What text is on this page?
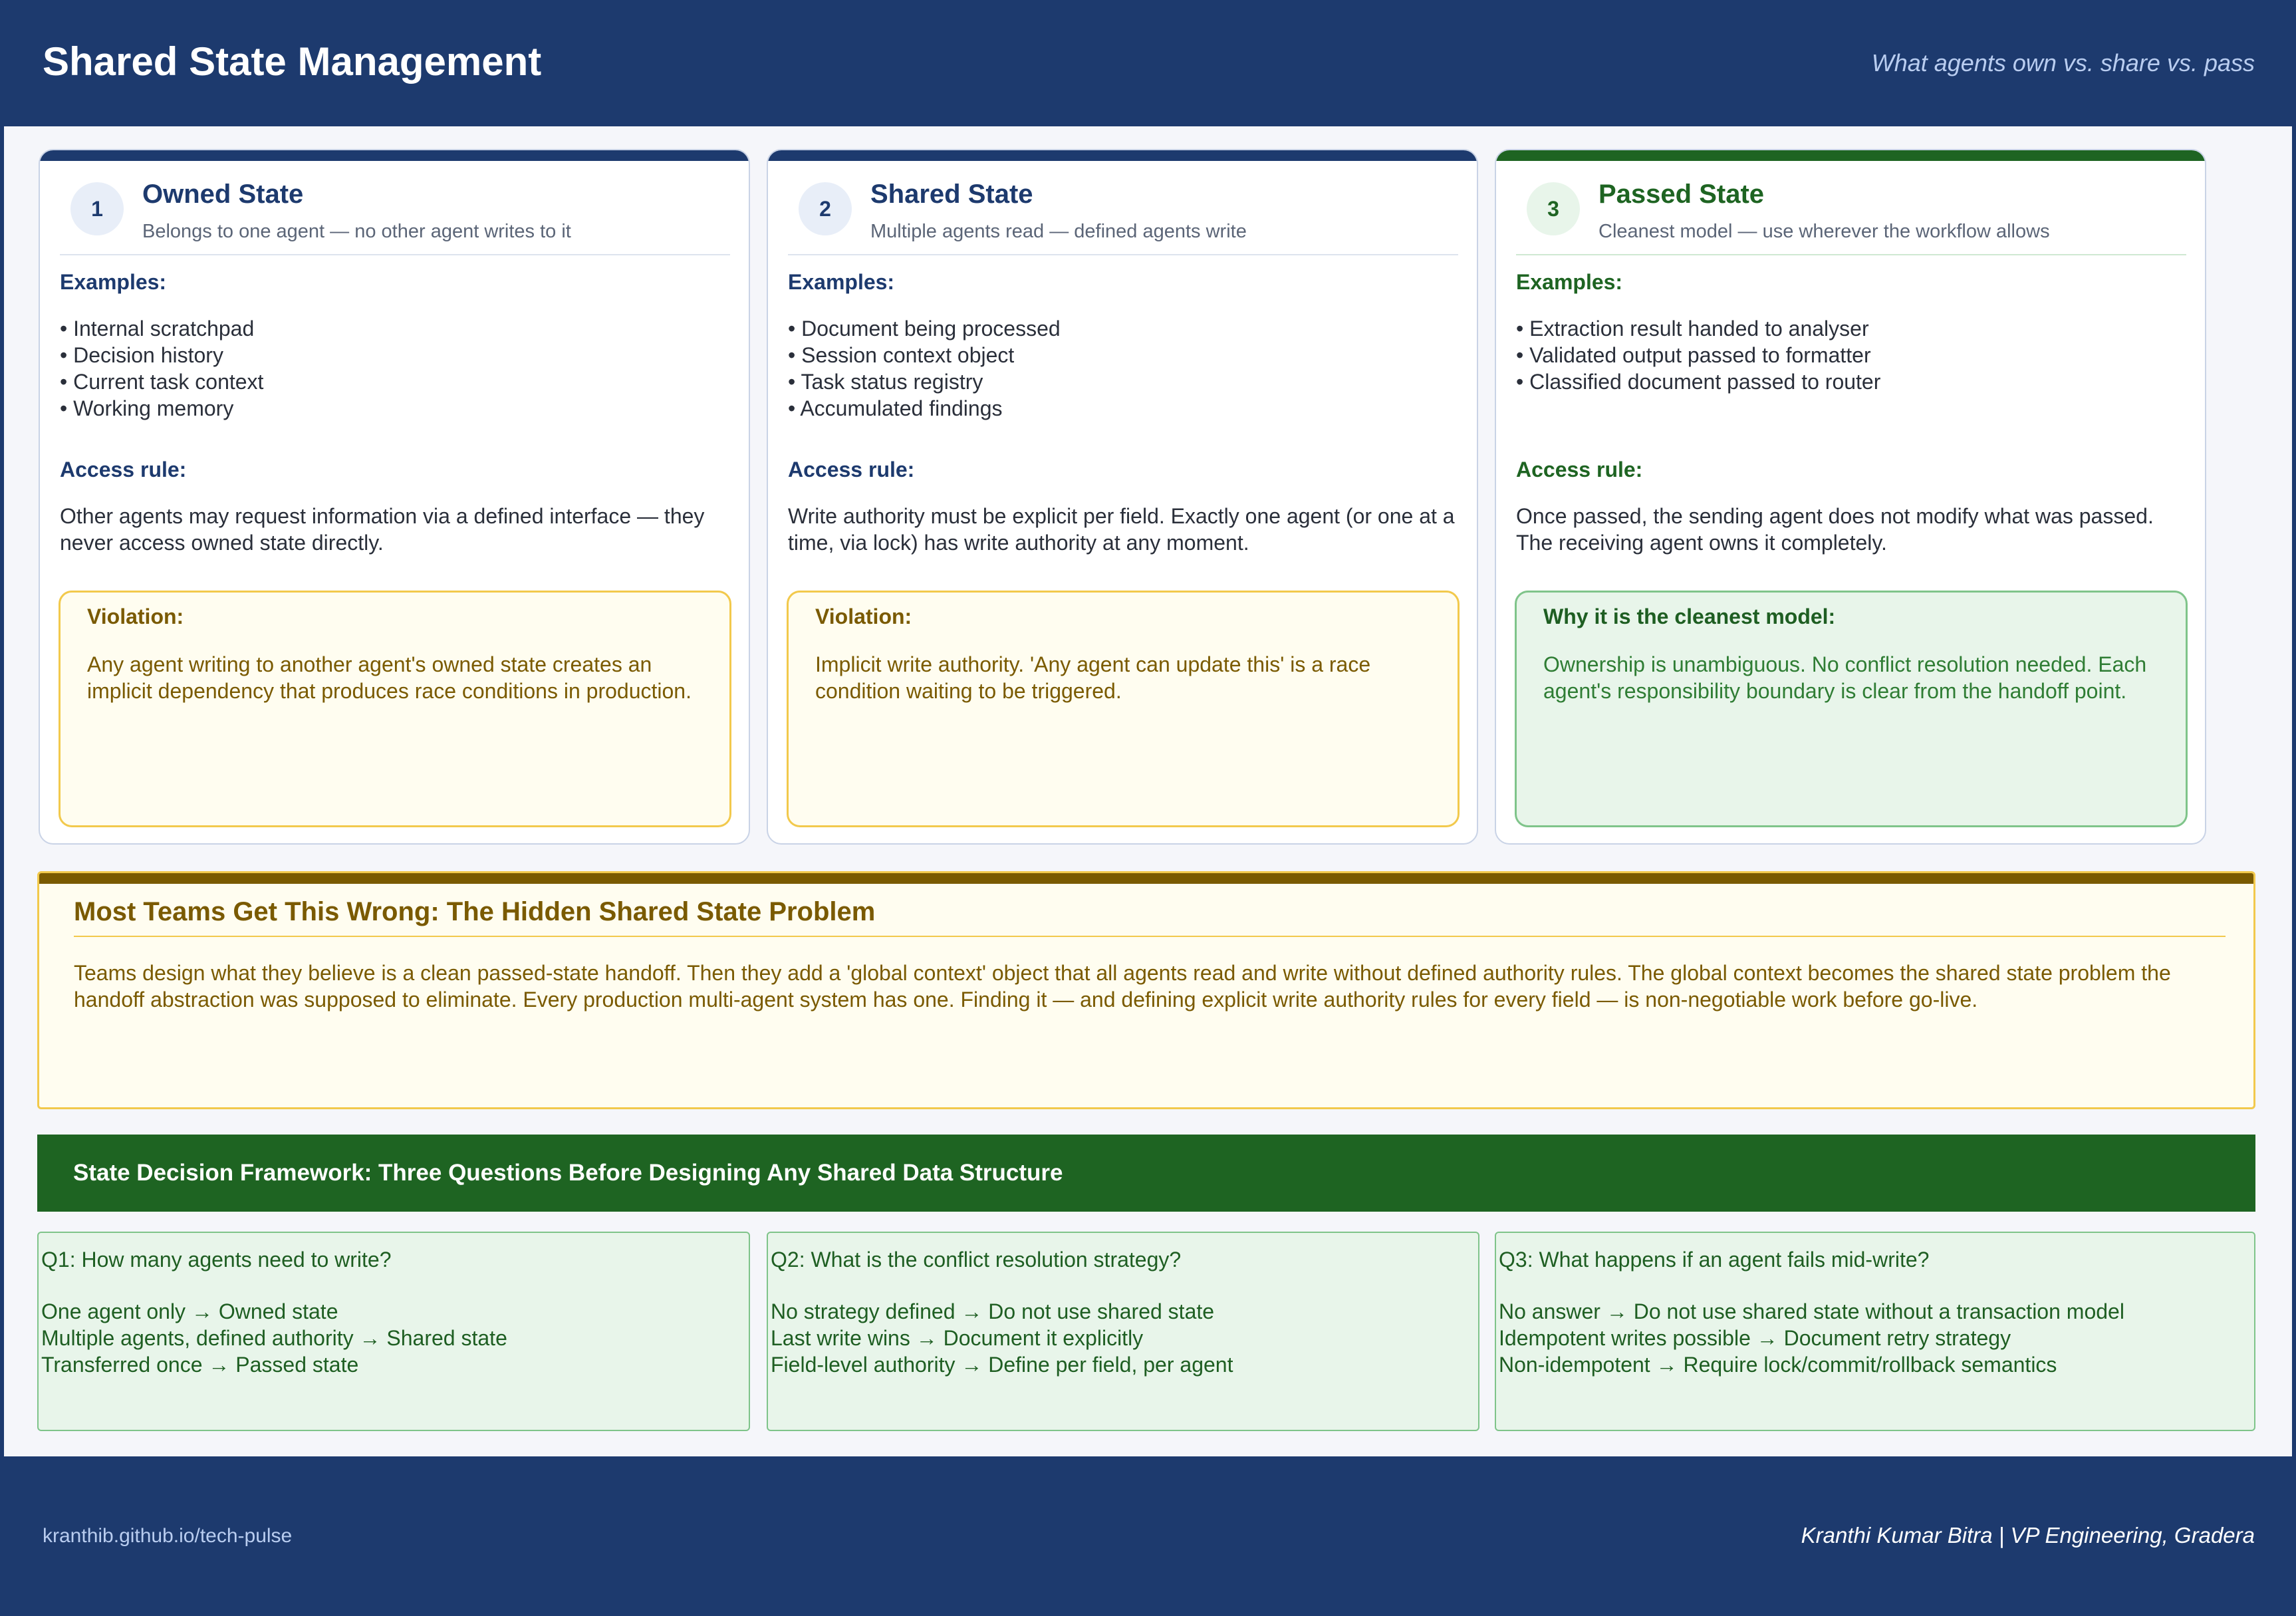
Shared State Management	What agents own vs. share vs. pass
1	Owned State
Belongs to one agent — no other agent writes to it
Examples:
• Internal scratchpad
• Decision history
• Current task context
• Working memory
Access rule:
Other agents may request information via a defined interface — they never access owned state directly.
Violation:
Any agent writing to another agent's owned state creates an implicit dependency that produces race conditions in production.
2	Shared State
Multiple agents read — defined agents write
Examples:
• Document being processed
• Session context object
• Task status registry
• Accumulated findings
Access rule:
Write authority must be explicit per field. Exactly one agent (or one at a time, via lock) has write authority at any moment.
Violation:
Implicit write authority. 'Any agent can update this' is a race condition waiting to be triggered.
3	Passed State
Cleanest model — use wherever the workflow allows
Examples:
• Extraction result handed to analyser
• Validated output passed to formatter
• Classified document passed to router
Access rule:
Once passed, the sending agent does not modify what was passed. The receiving agent owns it completely.
Why it is the cleanest model:
Ownership is unambiguous. No conflict resolution needed. Each agent's responsibility boundary is clear from the handoff point.
Most Teams Get This Wrong: The Hidden Shared State Problem
Teams design what they believe is a clean passed-state handoff. Then they add a 'global context' object that all agents read and write without defined authority rules. The global context becomes the shared state problem the handoff abstraction was supposed to eliminate. Every production multi-agent system has one. Finding it — and defining explicit write authority rules for every field — is non-negotiable work before go-live.
State Decision Framework: Three Questions Before Designing Any Shared Data Structure
Q1: How many agents need to write?
One agent only → Owned state
Multiple agents, defined authority → Shared state
Transferred once → Passed state
Q2: What is the conflict resolution strategy?
No strategy defined → Do not use shared state
Last write wins → Document it explicitly
Field-level authority → Define per field, per agent
Q3: What happens if an agent fails mid-write?
No answer → Do not use shared state without a transaction model
Idempotent writes possible → Document retry strategy
Non-idempotent → Require lock/commit/rollback semantics
kranthib.github.io/tech-pulse	Kranthi Kumar Bitra | VP Engineering, Gradera
